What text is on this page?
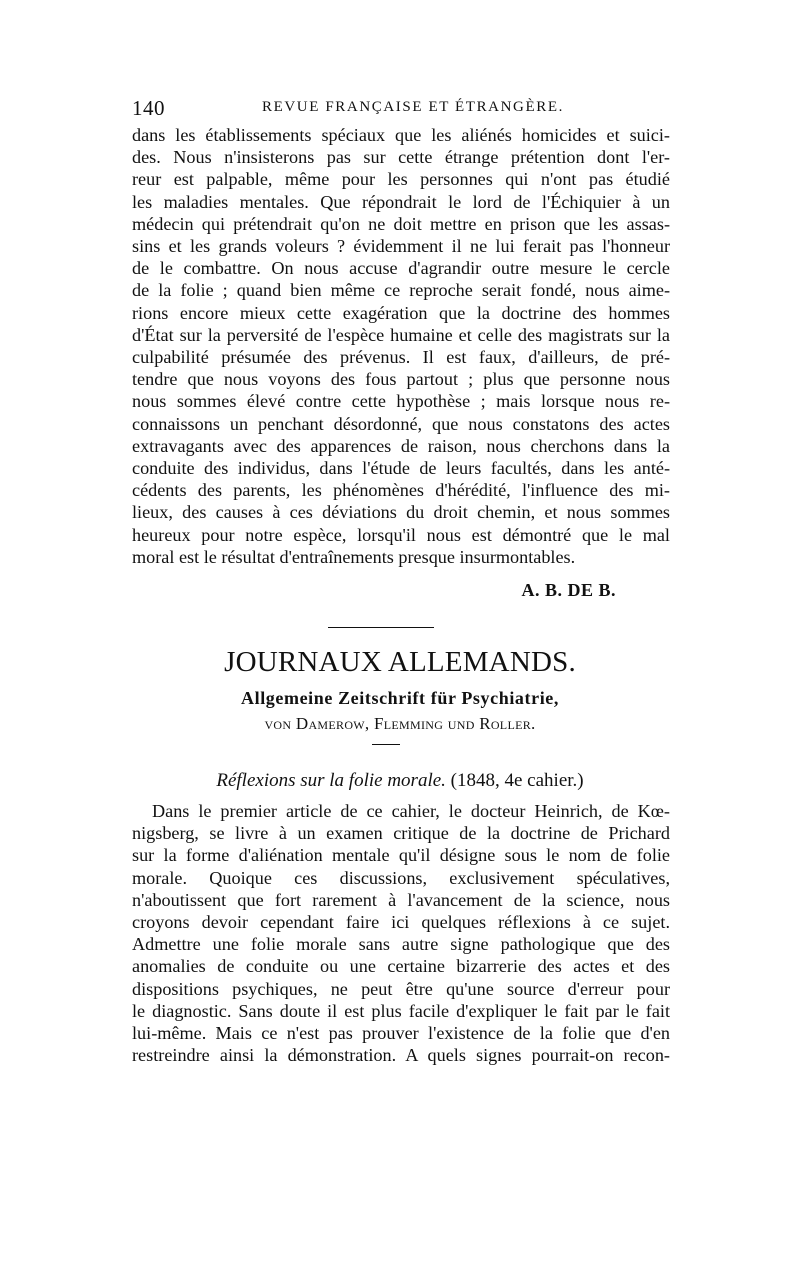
140	REVUE FRANÇAISE ET ÉTRANGÈRE.
dans les établissements spéciaux que les aliénés homicides et suici-
des. Nous n'insisterons pas sur cette étrange prétention dont l'er-
reur est palpable, même pour les personnes qui n'ont pas étudié
les maladies mentales. Que répondrait le lord de l'Échiquier à un
médecin qui prétendrait qu'on ne doit mettre en prison que les assas-
sins et les grands voleurs ? évidemment il ne lui ferait pas l'honneur
de le combattre. On nous accuse d'agrandir outre mesure le cercle
de la folie ; quand bien même ce reproche serait fondé, nous aime-
rions encore mieux cette exagération que la doctrine des hommes
d'État sur la perversité de l'espèce humaine et celle des magistrats sur la
culpabilité présumée des prévenus. Il est faux, d'ailleurs, de pré-
tendre que nous voyons des fous partout ; plus que personne nous
nous sommes élevé contre cette hypothèse ; mais lorsque nous re-
connaissons un penchant désordonné, que nous constatons des actes
extravagants avec des apparences de raison, nous cherchons dans la
conduite des individus, dans l'étude de leurs facultés, dans les anté-
cédents des parents, les phénomènes d'hérédité, l'influence des mi-
lieux, des causes à ces déviations du droit chemin, et nous sommes
heureux pour notre espèce, lorsqu'il nous est démontré que le mal
moral est le résultat d'entraînements presque insurmontables.
A. B. DE B.
JOURNAUX ALLEMANDS.
Allgemeine Zeitschrift für Psychiatrie,
von Damerow, Flemming und Roller.
Réflexions sur la folie morale. (1848, 4e cahier.)
Dans le premier article de ce cahier, le docteur Heinrich, de Kœ-
nigsberg, se livre à un examen critique de la doctrine de Prichard
sur la forme d'aliénation mentale qu'il désigne sous le nom de folie
morale. Quoique ces discussions, exclusivement spéculatives,
n'aboutissent que fort rarement à l'avancement de la science, nous
croyons devoir cependant faire ici quelques réflexions à ce sujet.
Admettre une folie morale sans autre signe pathologique que des
anomalies de conduite ou une certaine bizarrerie des actes et des
dispositions psychiques, ne peut être qu'une source d'erreur pour
le diagnostic. Sans doute il est plus facile d'expliquer le fait par le fait
lui-même. Mais ce n'est pas prouver l'existence de la folie que d'en
restreindre ainsi la démonstration. A quels signes pourrait-on recon-
